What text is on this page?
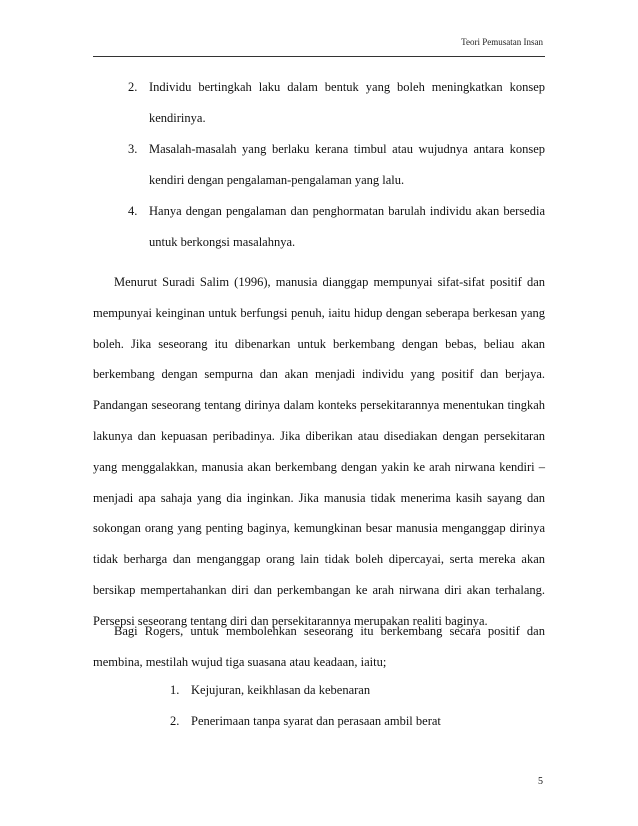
Teori Pemusatan Insan
2. Individu bertingkah laku dalam bentuk yang boleh meningkatkan konsep kendirinya.
3. Masalah-masalah yang berlaku kerana timbul atau wujudnya antara konsep kendiri dengan pengalaman-pengalaman yang lalu.
4. Hanya dengan pengalaman dan penghormatan barulah individu akan bersedia untuk berkongsi masalahnya.

Menurut Suradi Salim (1996), manusia dianggap mempunyai sifat-sifat positif dan mempunyai keinginan untuk berfungsi penuh, iaitu hidup dengan seberapa berkesan yang boleh. Jika seseorang itu dibenarkan untuk berkembang dengan bebas, beliau akan berkembang dengan sempurna dan akan menjadi individu yang positif dan berjaya. Pandangan seseorang tentang dirinya dalam konteks persekitarannya menentukan tingkah lakunya dan kepuasan peribadinya. Jika diberikan atau disediakan dengan persekitaran yang menggalakkan, manusia akan berkembang dengan yakin ke arah nirwana kendiri – menjadi apa sahaja yang dia inginkan. Jika manusia tidak menerima kasih sayang dan sokongan orang yang penting baginya, kemungkinan besar manusia menganggap dirinya tidak berharga dan menganggap orang lain tidak boleh dipercayai, serta mereka akan bersikap mempertahankan diri dan perkembangan ke arah nirwana diri akan terhalang. Persepsi seseorang tentang diri dan persekitarannya merupakan realiti baginya.

Bagi Rogers, untuk membolehkan seseorang itu berkembang secara positif dan membina, mestilah wujud tiga suasana atau keadaan, iaitu;

1. Kejujuran, keikhlasan da kebenaran
2. Penerimaan tanpa syarat dan perasaan ambil berat
5
